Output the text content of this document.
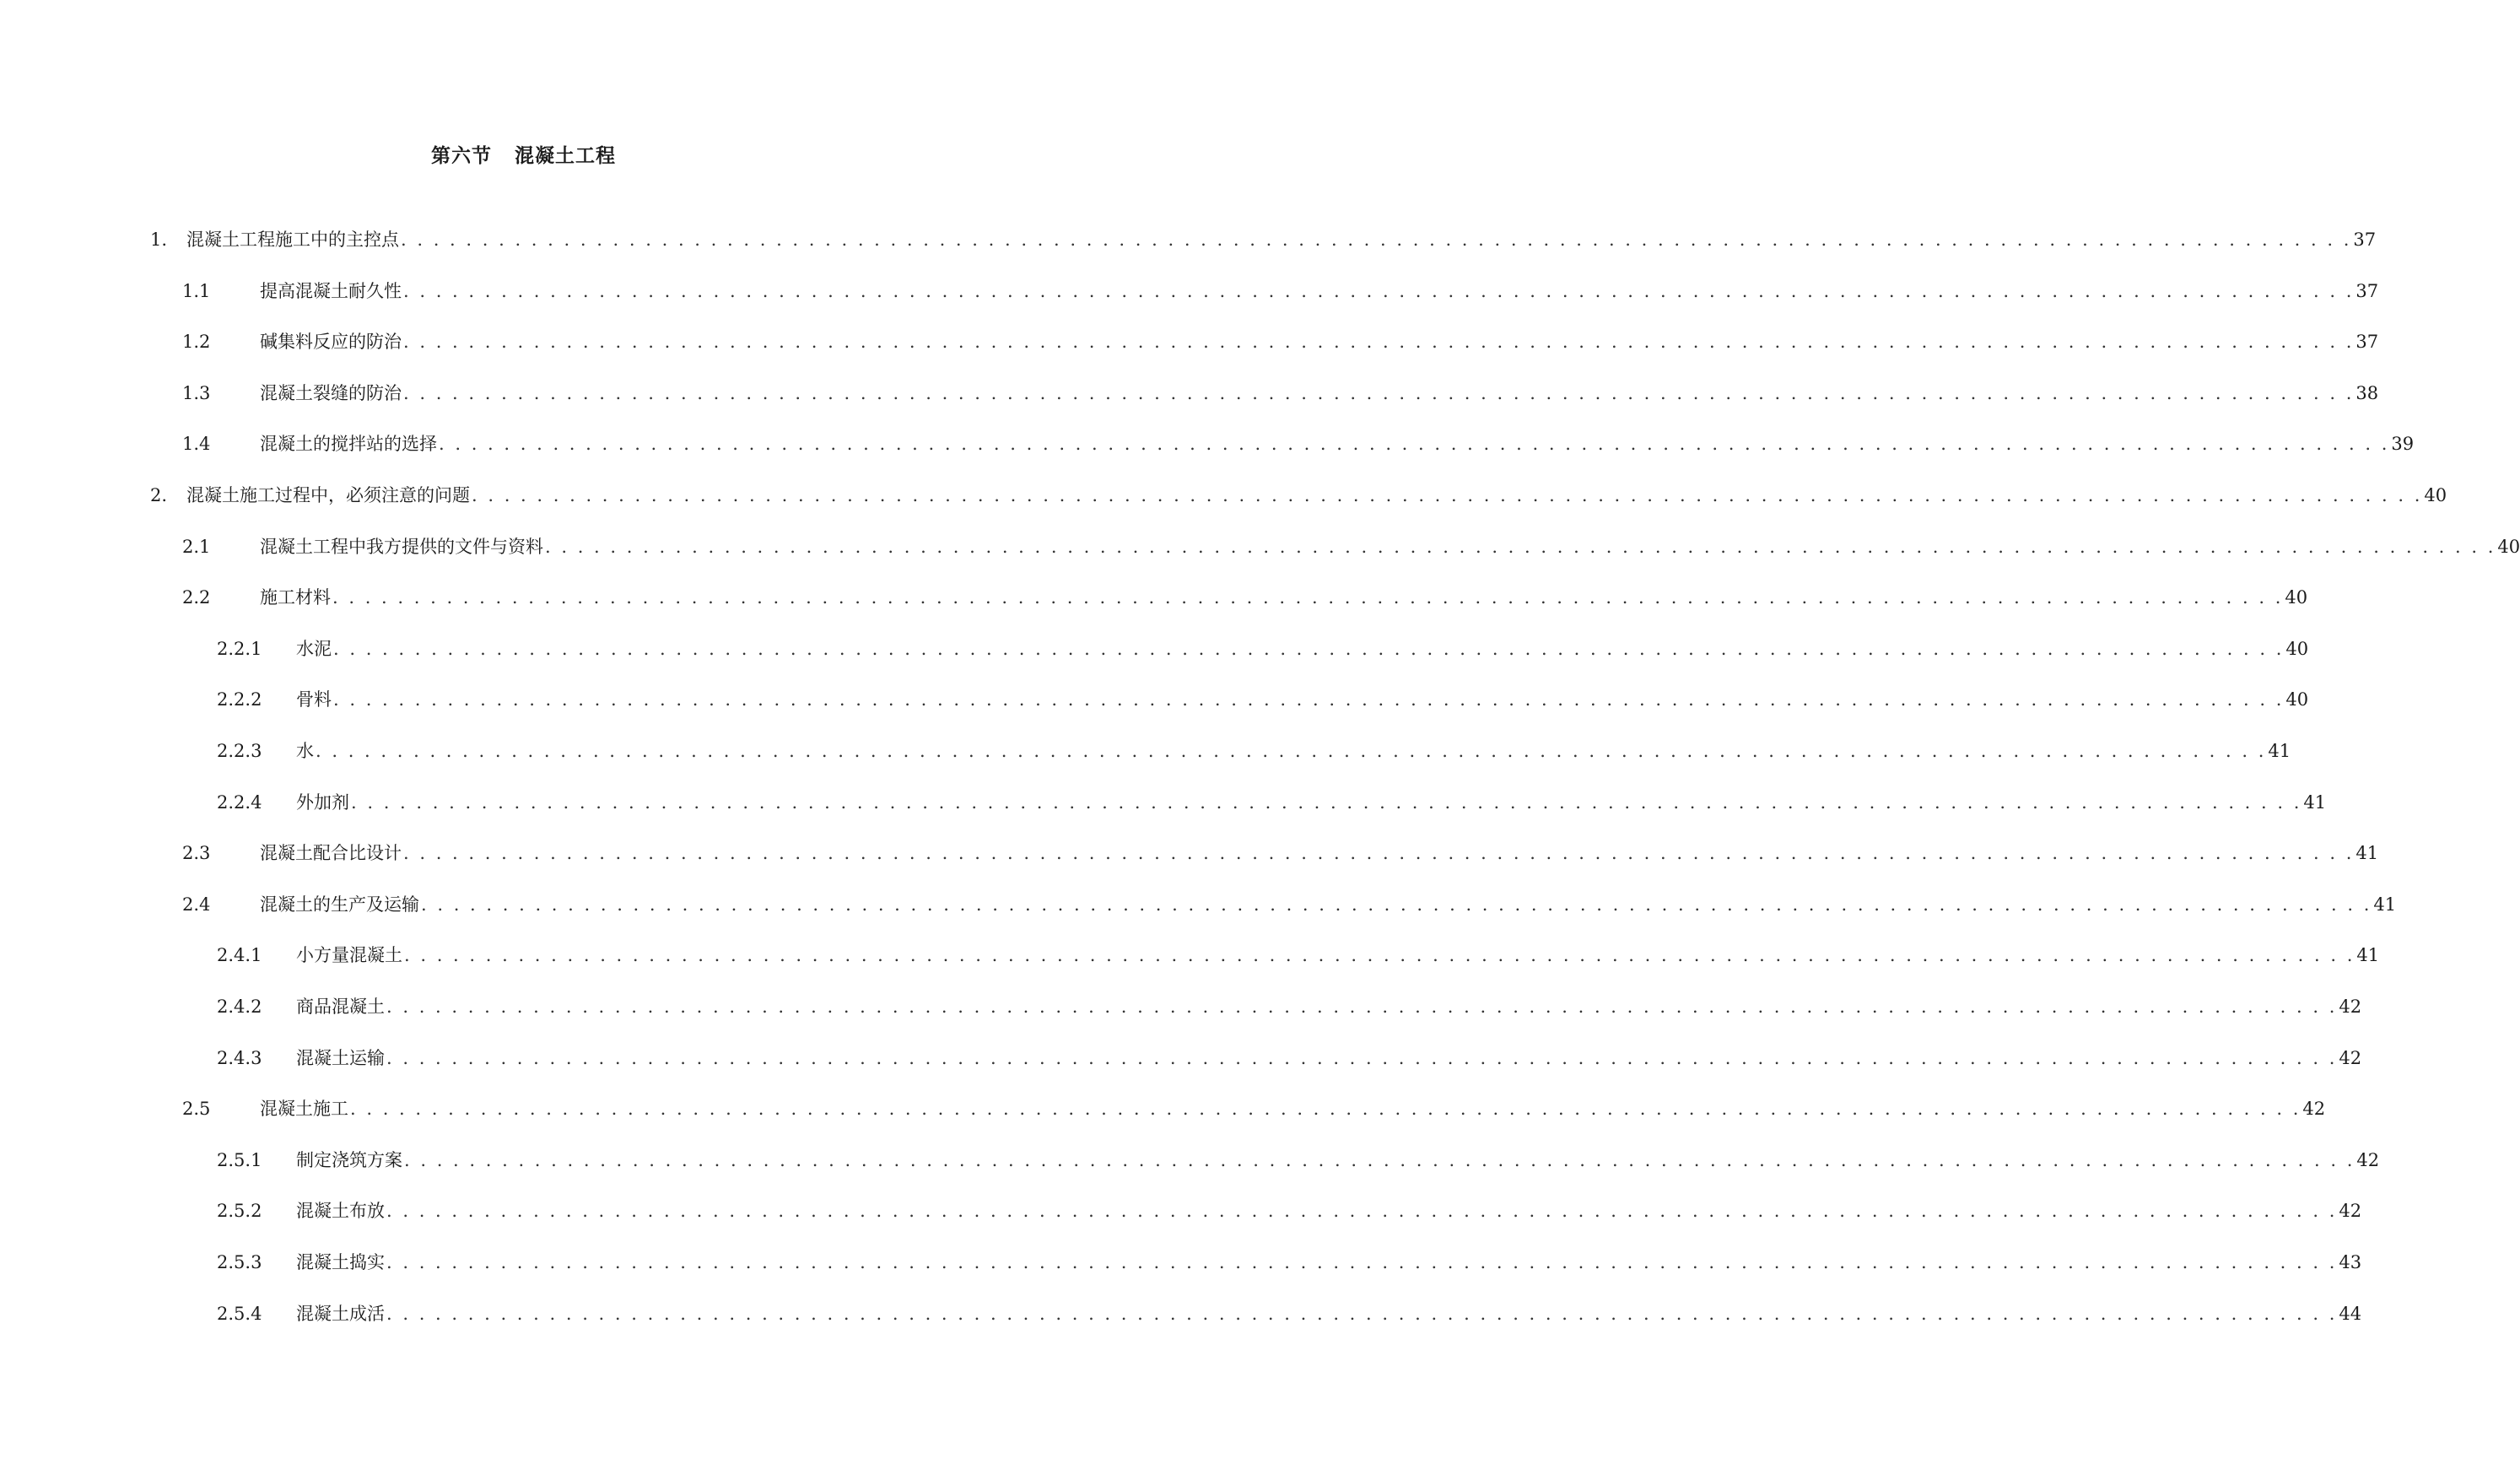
第六节   混凝土工程
1.	混凝土工程施工中的主控点 . . . . . . . . . . . . . . . . . . . . . . . . . . . . . . . . . . . . . . . . . . . . . . . . . . . . . . . . . . . . . . . . . . . . . . . . . . . . . . . . . . . . . . . . . . . . . . . . . . . . . . . . . . . . . . . . . . . . . . . . 37
1.1	提高混凝土耐久性 . . . . . . . . . . . . . . . . . . . . . . . . . . . . . . . . . . . . . . . . . . . . . . . . . . . . . . . . . . . . . . . . . . . . . . . . . . . . . . . . . . . . . . . . . . . . . . . . . . . . . . . . . . . . . . . . . . . . . . . . 37
1.2	碱集料反应的防治 . . . . . . . . . . . . . . . . . . . . . . . . . . . . . . . . . . . . . . . . . . . . . . . . . . . . . . . . . . . . . . . . . . . . . . . . . . . . . . . . . . . . . . . . . . . . . . . . . . . . . . . . . . . . . . . . . . . . . . . . 37
1.3	混凝土裂缝的防治 . . . . . . . . . . . . . . . . . . . . . . . . . . . . . . . . . . . . . . . . . . . . . . . . . . . . . . . . . . . . . . . . . . . . . . . . . . . . . . . . . . . . . . . . . . . . . . . . . . . . . . . . . . . . . . . . . . . . . . . . 38
1.4	混凝土的搅拌站的选择 . . . . . . . . . . . . . . . . . . . . . . . . . . . . . . . . . . . . . . . . . . . . . . . . . . . . . . . . . . . . . . . . . . . . . . . . . . . . . . . . . . . . . . . . . . . . . . . . . . . . . . . . . . . . . . . . . . . . . . . . 39
2.	混凝土施工过程中，必须注意的问题 . . . . . . . . . . . . . . . . . . . . . . . . . . . . . . . . . . . . . . . . . . . . . . . . . . . . . . . . . . . . . . . . . . . . . . . . . . . . . . . . . . . . . . . . . . . . . . . . . . . . . . . . . . . . . . . . . . . . . . . . 40
2.1	混凝土工程中我方提供的文件与资料 . . . . . . . . . . . . . . . . . . . . . . . . . . . . . . . . . . . . . . . . . . . . . . . . . . . . . . . . . . . . . . . . . . . . . . . . . . . . . . . . . . . . . . . . . . . . . . . . . . . . . . . . . . . . . . . . . . . . . . . . 40
2.2	施工材料 . . . . . . . . . . . . . . . . . . . . . . . . . . . . . . . . . . . . . . . . . . . . . . . . . . . . . . . . . . . . . . . . . . . . . . . . . . . . . . . . . . . . . . . . . . . . . . . . . . . . . . . . . . . . . . . . . . . . . . . . 40
2.2.1	水泥 . . . . . . . . . . . . . . . . . . . . . . . . . . . . . . . . . . . . . . . . . . . . . . . . . . . . . . . . . . . . . . . . . . . . . . . . . . . . . . . . . . . . . . . . . . . . . . . . . . . . . . . . . . . . . . . . . . . . . . . . 40
2.2.2	骨料 . . . . . . . . . . . . . . . . . . . . . . . . . . . . . . . . . . . . . . . . . . . . . . . . . . . . . . . . . . . . . . . . . . . . . . . . . . . . . . . . . . . . . . . . . . . . . . . . . . . . . . . . . . . . . . . . . . . . . . . . 40
2.2.3	水 . . . . . . . . . . . . . . . . . . . . . . . . . . . . . . . . . . . . . . . . . . . . . . . . . . . . . . . . . . . . . . . . . . . . . . . . . . . . . . . . . . . . . . . . . . . . . . . . . . . . . . . . . . . . . . . . . . . . . . . . 41
2.2.4	外加剂 . . . . . . . . . . . . . . . . . . . . . . . . . . . . . . . . . . . . . . . . . . . . . . . . . . . . . . . . . . . . . . . . . . . . . . . . . . . . . . . . . . . . . . . . . . . . . . . . . . . . . . . . . . . . . . . . . . . . . . . . 41
2.3	混凝土配合比设计 . . . . . . . . . . . . . . . . . . . . . . . . . . . . . . . . . . . . . . . . . . . . . . . . . . . . . . . . . . . . . . . . . . . . . . . . . . . . . . . . . . . . . . . . . . . . . . . . . . . . . . . . . . . . . . . . . . . . . . . . 41
2.4	混凝土的生产及运输 . . . . . . . . . . . . . . . . . . . . . . . . . . . . . . . . . . . . . . . . . . . . . . . . . . . . . . . . . . . . . . . . . . . . . . . . . . . . . . . . . . . . . . . . . . . . . . . . . . . . . . . . . . . . . . . . . . . . . . . . 41
2.4.1	小方量混凝土 . . . . . . . . . . . . . . . . . . . . . . . . . . . . . . . . . . . . . . . . . . . . . . . . . . . . . . . . . . . . . . . . . . . . . . . . . . . . . . . . . . . . . . . . . . . . . . . . . . . . . . . . . . . . . . . . . . . . . . . . 41
2.4.2	商品混凝土 . . . . . . . . . . . . . . . . . . . . . . . . . . . . . . . . . . . . . . . . . . . . . . . . . . . . . . . . . . . . . . . . . . . . . . . . . . . . . . . . . . . . . . . . . . . . . . . . . . . . . . . . . . . . . . . . . . . . . . . . 42
2.4.3	混凝土运输 . . . . . . . . . . . . . . . . . . . . . . . . . . . . . . . . . . . . . . . . . . . . . . . . . . . . . . . . . . . . . . . . . . . . . . . . . . . . . . . . . . . . . . . . . . . . . . . . . . . . . . . . . . . . . . . . . . . . . . . . 42
2.5	混凝土施工 . . . . . . . . . . . . . . . . . . . . . . . . . . . . . . . . . . . . . . . . . . . . . . . . . . . . . . . . . . . . . . . . . . . . . . . . . . . . . . . . . . . . . . . . . . . . . . . . . . . . . . . . . . . . . . . . . . . . . . . . 42
2.5.1	制定浇筑方案 . . . . . . . . . . . . . . . . . . . . . . . . . . . . . . . . . . . . . . . . . . . . . . . . . . . . . . . . . . . . . . . . . . . . . . . . . . . . . . . . . . . . . . . . . . . . . . . . . . . . . . . . . . . . . . . . . . . . . . . . 42
2.5.2	混凝土布放 . . . . . . . . . . . . . . . . . . . . . . . . . . . . . . . . . . . . . . . . . . . . . . . . . . . . . . . . . . . . . . . . . . . . . . . . . . . . . . . . . . . . . . . . . . . . . . . . . . . . . . . . . . . . . . . . . . . . . . . . 42
2.5.3	混凝土捣实 . . . . . . . . . . . . . . . . . . . . . . . . . . . . . . . . . . . . . . . . . . . . . . . . . . . . . . . . . . . . . . . . . . . . . . . . . . . . . . . . . . . . . . . . . . . . . . . . . . . . . . . . . . . . . . . . . . . . . . . . 43
2.5.4	混凝土成活 . . . . . . . . . . . . . . . . . . . . . . . . . . . . . . . . . . . . . . . . . . . . . . . . . . . . . . . . . . . . . . . . . . . . . . . . . . . . . . . . . . . . . . . . . . . . . . . . . . . . . . . . . . . . . . . . . . . . . . . . 44
